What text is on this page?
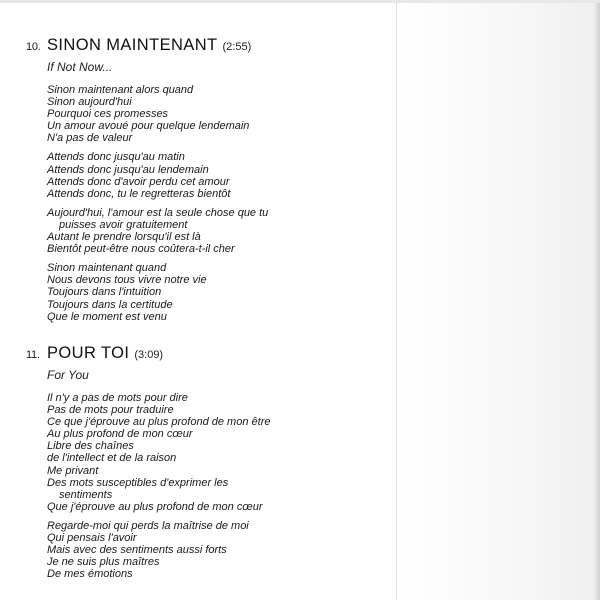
10. SINON MAINTENANT (2:55)
If Not Now...
Sinon maintenant alors quand
Sinon aujourd'hui
Pourquoi ces promesses
Un amour avoué pour quelque lendemain
N'a pas de valeur
Attends donc jusqu'au matin
Attends donc jusqu'au lendemain
Attends donc d'avoir perdu cet amour
Attends donc, tu le regretteras bientôt
Aujourd'hui, l'amour est la seule chose que tu
puisses avoir gratuitement
Autant le prendre lorsqu'il est là
Bientôt peut-être nous coûtera-t-il cher
Sinon maintenant quand
Nous devons tous vivre notre vie
Toujours dans l'intuition
Toujours dans la certitude
Que le moment est venu
11. POUR TOI (3:09)
For You
Il n'y a pas de mots pour dire
Pas de mots pour traduire
Ce que j'éprouve au plus profond de mon être
Au plus profond de mon cœur
Libre des chaînes
de l'intellect et de la raison
Me privant
Des mots susceptibles d'exprimer les
sentiments
Que j'éprouve au plus profond de mon cœur
Regarde-moi qui perds la maîtrise de moi
Qui pensais l'avoir
Mais avec des sentiments aussi forts
Je ne suis plus maîtres
De mes émotions
